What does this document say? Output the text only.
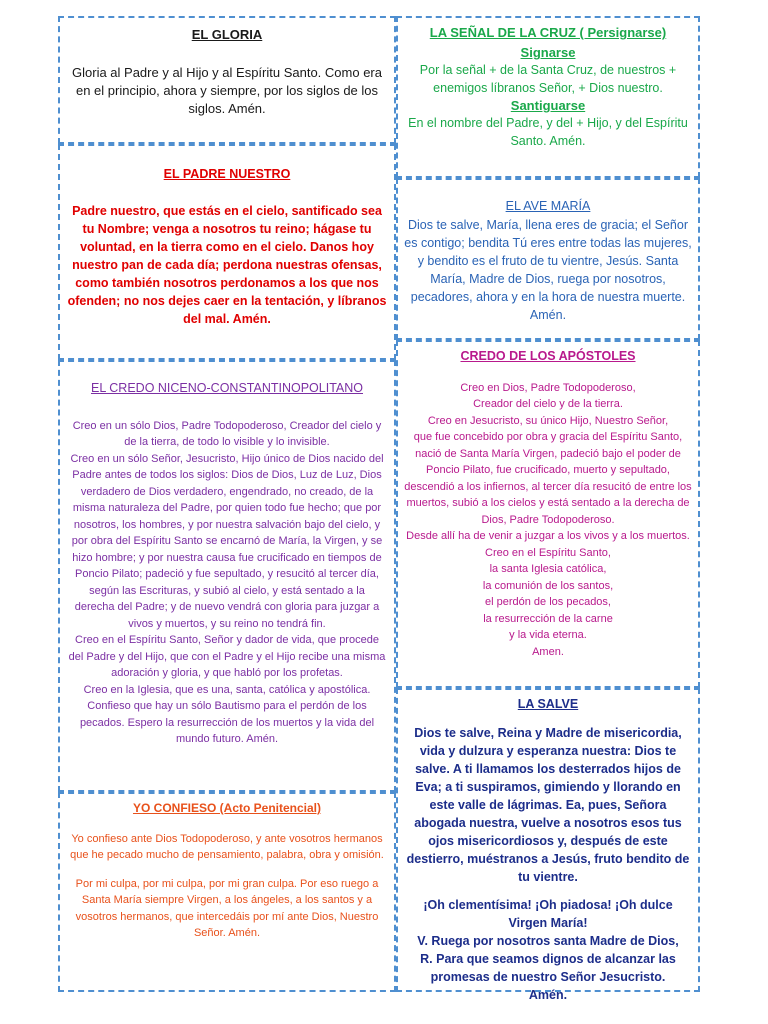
EL GLORIA

Gloria al Padre y al Hijo y al Espíritu Santo. Como era en el principio, ahora y siempre, por los siglos de los siglos. Amén.

LA SEÑAL DE LA CRUZ ( Persignarse)
Signarse

Por la señal + de la Santa Cruz, de nuestros + enemigos líbranos Señor, + Dios nuestro.

Santiguarse

En el nombre del Padre, y del + Hijo, y del Espíritu Santo. Amén.

EL PADRE NUESTRO

Padre nuestro, que estás en el cielo, santificado sea tu Nombre; venga a nosotros tu reino; hágase tu voluntad, en la tierra como en el cielo. Danos hoy nuestro pan de cada día; perdona nuestras ofensas, como también nosotros perdonamos a los que nos ofenden; no nos dejes caer en la tentación, y líbranos del mal. Amén.

EL AVE MARÍA

Dios te salve, María, llena eres de gracia; el Señor es contigo; bendita Tú eres entre todas las mujeres, y bendito es el fruto de tu vientre, Jesús. Santa María, Madre de Dios, ruega por nosotros, pecadores, ahora y en la hora de nuestra muerte. Amén.

EL CREDO NICENO-CONSTANTINOPOLITANO

Creo en un sólo Dios, Padre Todopoderoso, Creador del cielo y de la tierra, de todo lo visible y lo invisible.

Creo en un sólo Señor, Jesucristo, Hijo único de Dios nacido del Padre antes de todos los siglos: Dios de Dios, Luz de Luz, Dios verdadero de Dios verdadero, engendrado, no creado, de la misma naturaleza del Padre, por quien todo fue hecho; que por nosotros, los hombres, y por nuestra salvación bajo del cielo, y por obra del Espíritu Santo se encarnó de María, la Virgen, y se hizo hombre; y por nuestra causa fue crucificado en tiempos de Poncio Pilato; padeció y fue sepultado, y resucitó al tercer día, según las Escrituras, y subió al cielo, y está sentado a la derecha del Padre; y de nuevo vendrá con gloria para juzgar a vivos y muertos, y su reino no tendrá fin.

Creo en el Espíritu Santo, Señor y dador de vida, que procede del Padre y del Hijo, que con el Padre y el Hijo recibe una misma adoración y gloria, y que habló por los profetas.

Creo en la Iglesia, que es una, santa, católica y apostólica. Confieso que hay un sólo Bautismo para el perdón de los pecados. Espero la resurrección de los muertos y la vida del mundo futuro. Amén.

CREDO DE LOS APÓSTOLES

Creo en Dios, Padre Todopoderoso,

Creador del cielo y de la tierra.

Creo en Jesucristo, su único Hijo, Nuestro Señor,

que fue concebido por obra y gracia del Espíritu Santo,

nació de Santa María Virgen, padeció bajo el poder de Poncio Pilato, fue crucificado, muerto y sepultado,

descendió a los infiernos, al tercer día resucitó de entre los muertos, subió a los cielos y está sentado a la derecha de Dios, Padre Todopoderoso.

Desde allí ha de venir a juzgar a los vivos y a los muertos.

Creo en el Espíritu Santo,

la santa Iglesia católica,

la comunión de los santos,

el perdón de los pecados,

la resurrección de la carne

y la vida eterna.

Amen.

YO CONFIESO (Acto Penitencial)

Yo confieso ante Dios Todopoderoso, y ante vosotros hermanos que he pecado mucho de pensamiento, palabra, obra y omisión.

Por mi culpa, por mi culpa, por mi gran culpa. Por eso ruego a Santa María siempre Virgen, a los ángeles, a los santos y a vosotros hermanos, que intercedáis por mí ante Dios, Nuestro Señor. Amén.

LA SALVE

Dios te salve, Reina y Madre de misericordia, vida y dulzura y esperanza nuestra: Dios te salve. A ti llamamos los desterrados hijos de Eva; a ti suspiramos, gimiendo y llorando en este valle de lágrimas. Ea, pues, Señora abogada nuestra, vuelve a nosotros esos tus ojos misericordiosos y, después de este destierro, muéstranos a Jesús, fruto bendito de tu vientre.

¡Oh clementísima! ¡Oh piadosa! ¡Oh dulce Virgen María!

V. Ruega por nosotros santa Madre de Dios,

R. Para que seamos dignos de alcanzar las promesas de nuestro Señor Jesucristo.

Amén.
